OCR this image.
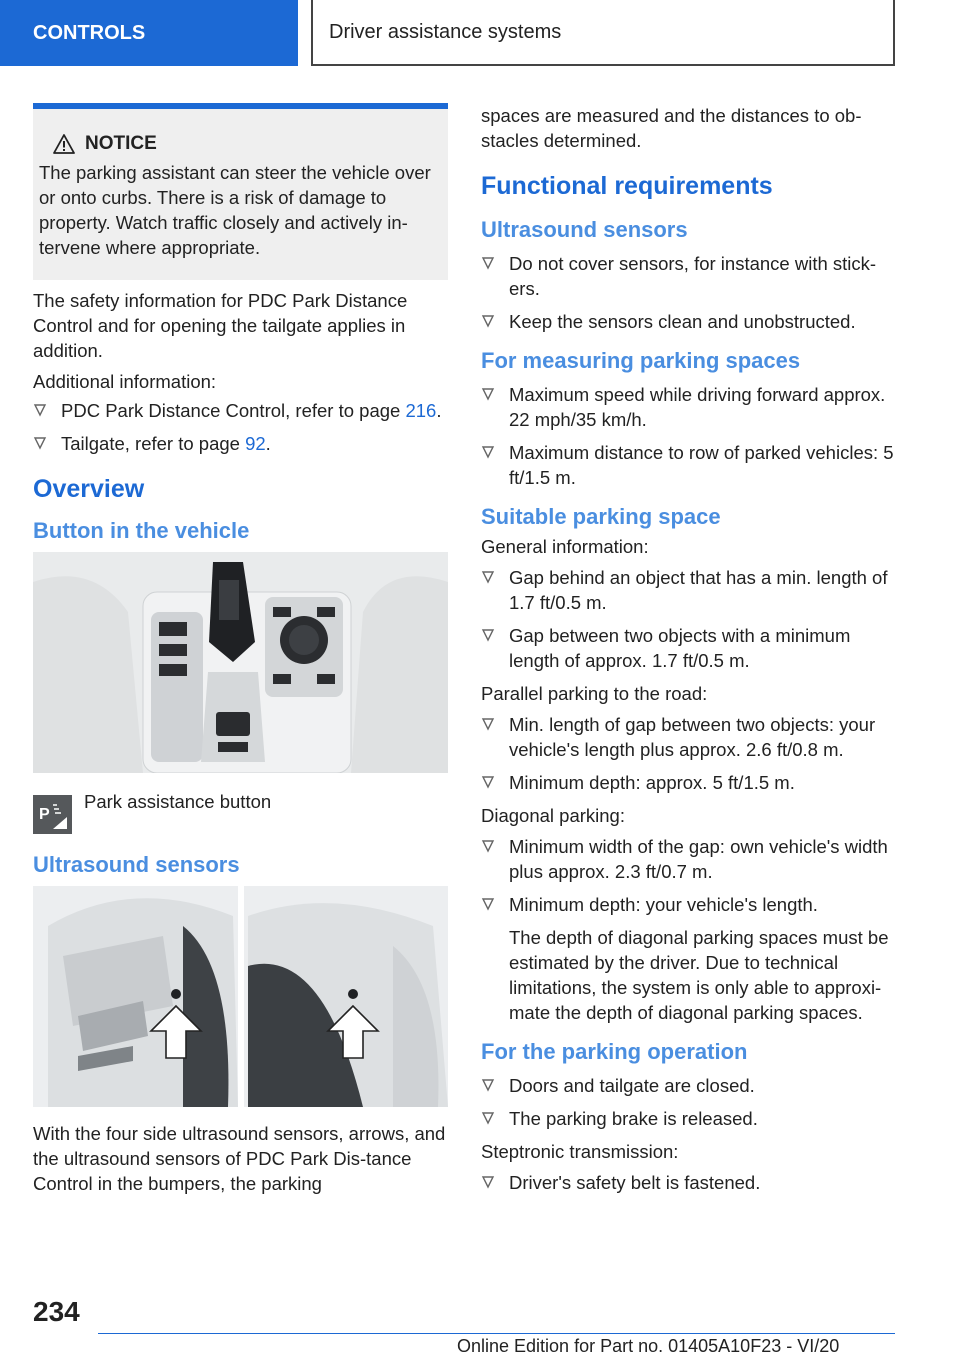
CONTROLS	Driver assistance systems
NOTICE
The parking assistant can steer the vehicle over or onto curbs. There is a risk of damage to property. Watch traffic closely and actively in-tervene where appropriate.

The safety information for PDC Park Distance Control and for opening the tailgate applies in addition.

Additional information:

PDC Park Distance Control, refer to page 216.
Tailgate, refer to page 92.
Overview
Button in the vehicle
P
Park assistance button
Ultrasound sensors

With the four side ultrasound sensors, arrows, and the ultrasound sensors of PDC Park Dis-tance Control in the bumpers, the parking

spaces are measured and the distances to ob-stacles determined.

Functional requirements
Ultrasound sensors
Do not cover sensors, for instance with stick-ers.
Keep the sensors clean and unobstructed.
For measuring parking spaces
Maximum speed while driving forward approx. 22 mph/35 km/h.
Maximum distance to row of parked vehicles: 5 ft/1.5 m.
Suitable parking space

General information:

Gap behind an object that has a min. length of 1.7 ft/0.5 m.
Gap between two objects with a minimum length of approx. 1.7 ft/0.5 m.

Parallel parking to the road:

Min. length of gap between two objects: your vehicle's length plus approx. 2.6 ft/0.8 m.
Minimum depth: approx. 5 ft/1.5 m.

Diagonal parking:

Minimum width of the gap: own vehicle's width plus approx. 2.3 ft/0.7 m.
Minimum depth: your vehicle's length.

The depth of diagonal parking spaces must be estimated by the driver. Due to technical limitations, the system is only able to approxi-mate the depth of diagonal parking spaces.

For the parking operation
Doors and tailgate are closed.
The parking brake is released.

Steptronic transmission:

Driver's safety belt is fastened.
234
Online Edition for Part no. 01405A10F23 - VI/20
